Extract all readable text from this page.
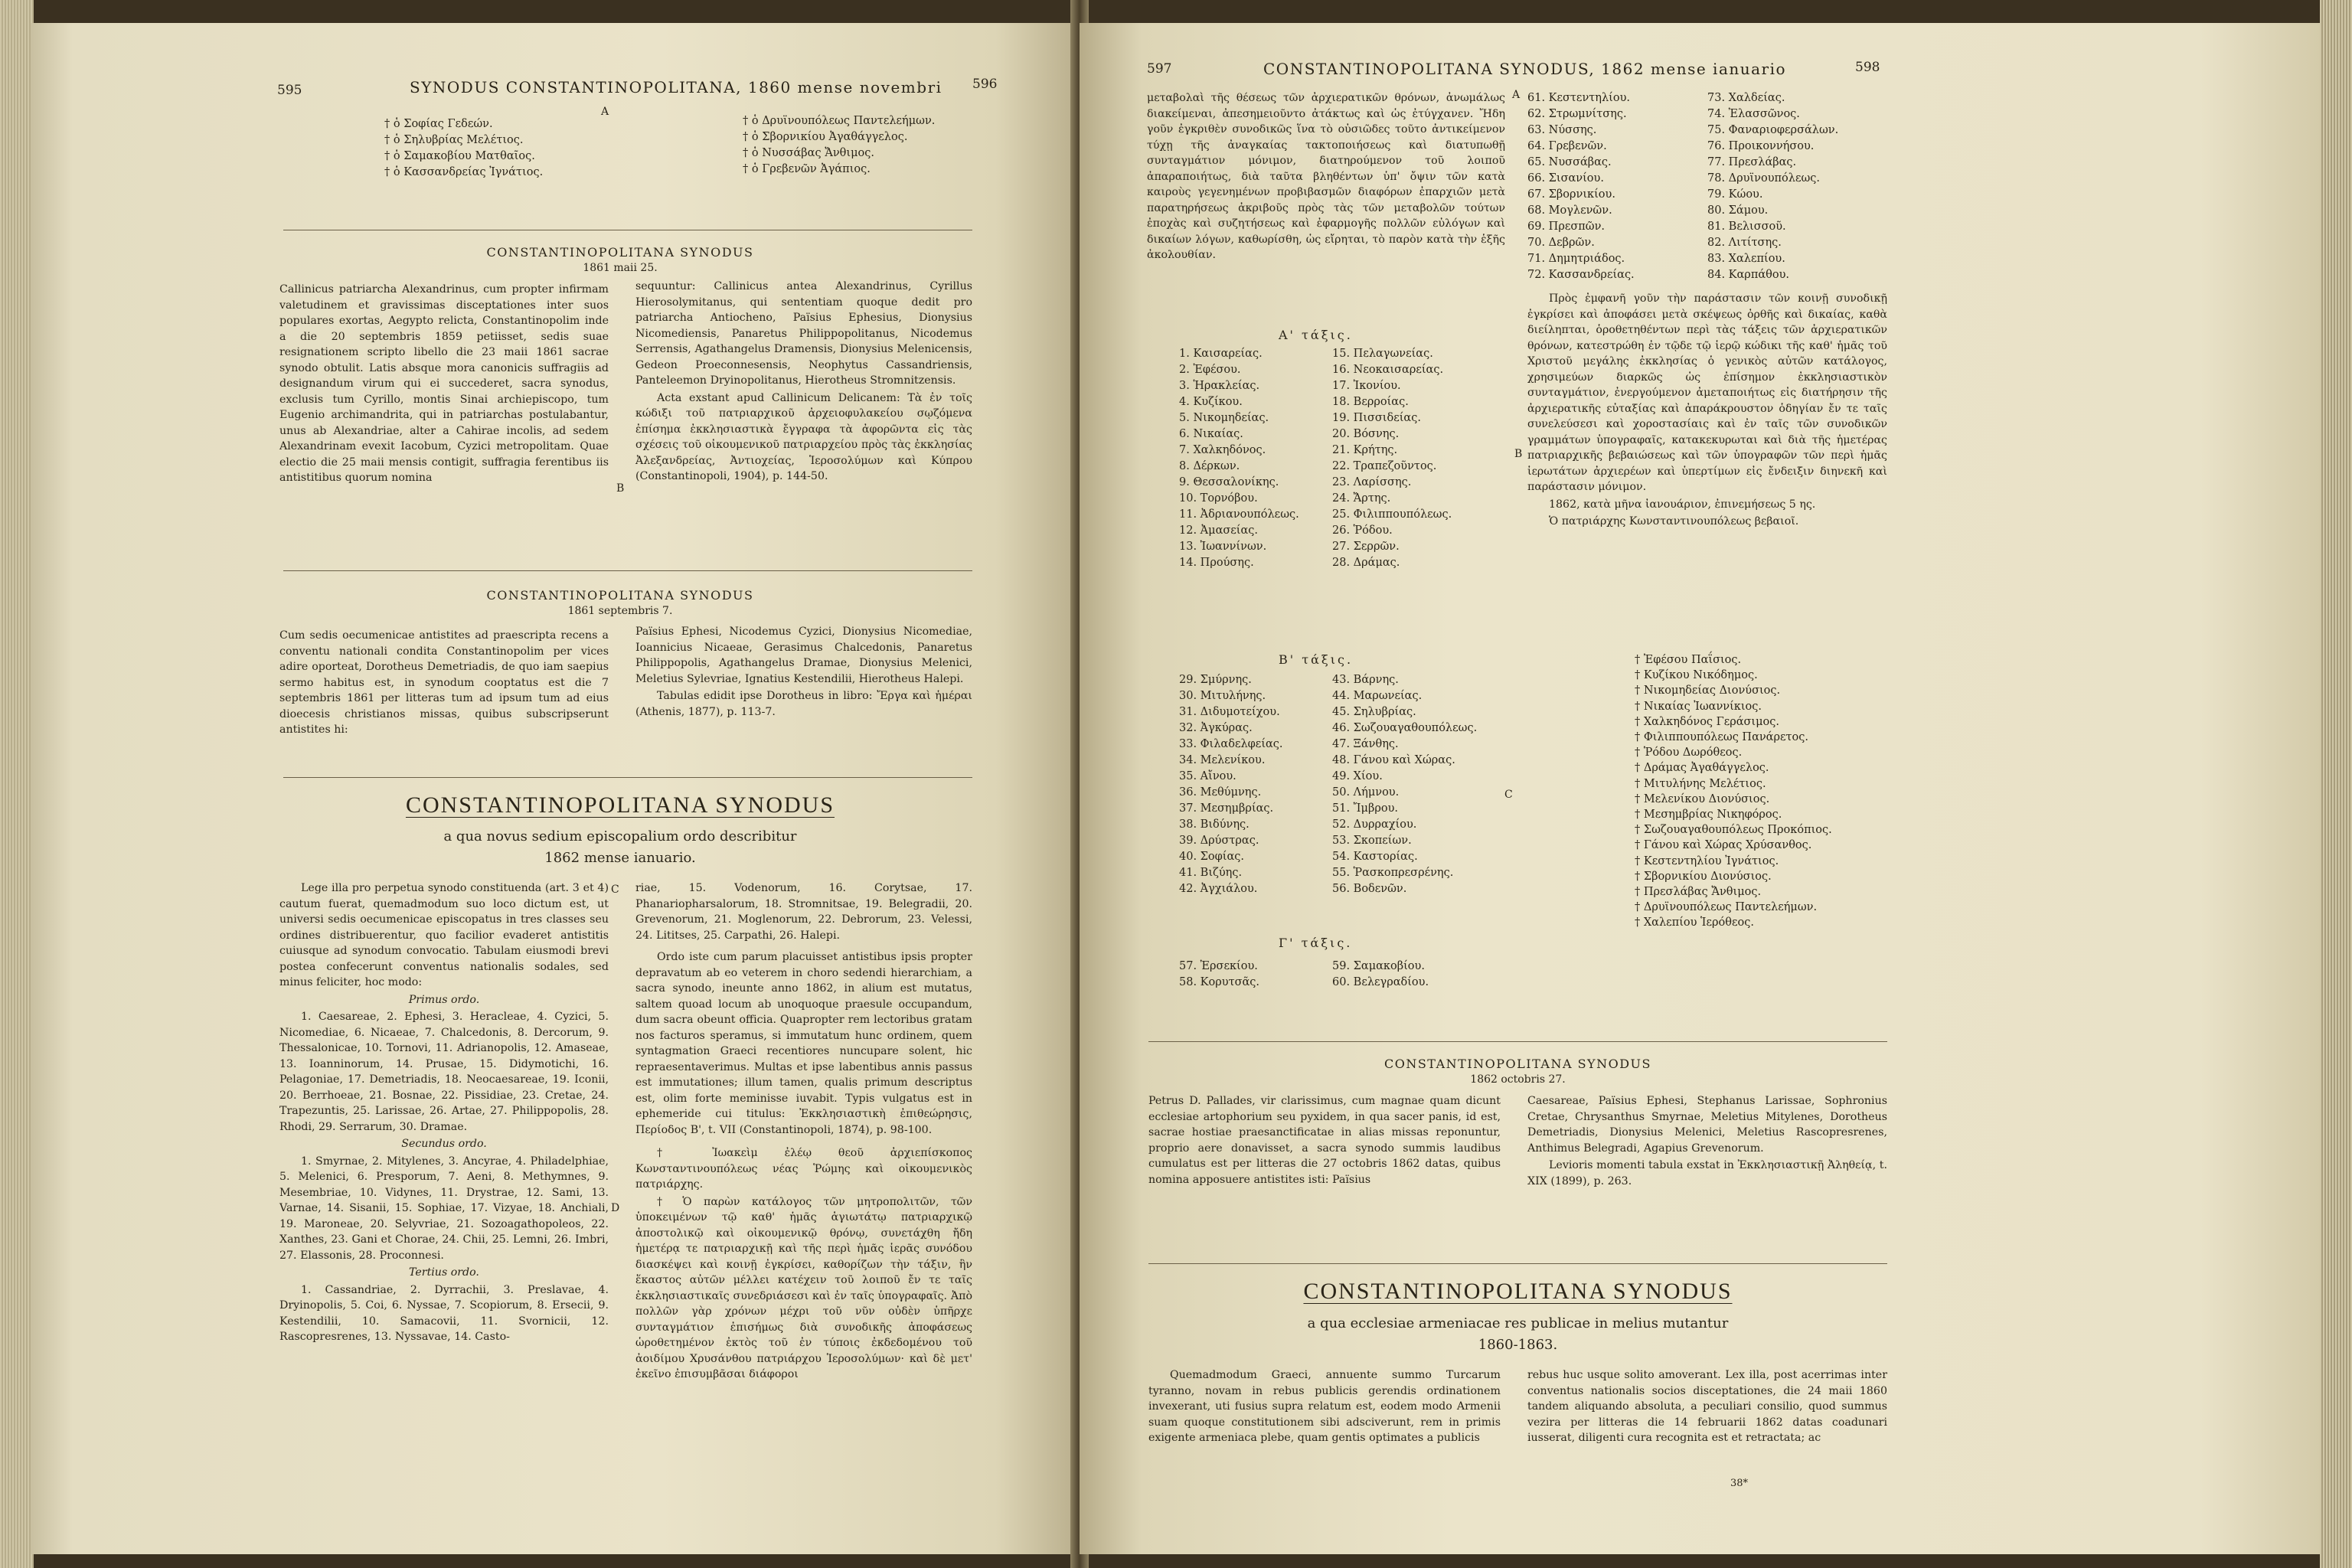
595	SYNODUS CONSTANTINOPOLITANA, 1860 mense novembri 596
A
† ὁ Σοφίας Γεδεών.
† ὁ Σηλυβρίας Μελέτιος.
† ὁ Σαμακοβίου Ματθαῖος.
† ὁ Κασσανδρείας Ἰγνάτιος.
† ὁ Δρυϊνουπόλεως Παντελεήμων.
† ὁ Σβορνικίου Ἀγαθάγγελος.
† ὁ Νυσσάβας Ἄνθιμος.
† ὁ Γρεβενῶν Ἀγάπιος.
CONSTANTINOPOLITANA SYNODUS
1861 maii 25.
Callinicus patriarcha Alexandrinus, cum propter infirmam valetudinem et gravissimas disceptationes inter suos populares exortas, Aegypto relicta, Constantinopolim inde a die 20 septembris 1859 petiisset, sedis suae resignationem scripto libello die 23 maii 1861 sacrae synodo obtulit. Latis absque mora canonicis suffragiis ad designandum virum qui ei succederet, sacra synodus, exclusis tum Cyrillo, montis Sinai archiepiscopo, tum Eugenio archimandrita, qui in patriarchas postulabantur, unus ab Alexandriae, alter a Cahirae incolis, ad sedem Alexandrinam evexit Iacobum, Cyzici metropolitam. Quae electio die 25 maii mensis contigit, suffragia ferentibus iis antistitibus quorum nomina

sequuntur: Callinicus antea Alexandrinus, Cyrillus Hierosolymitanus, qui sententiam quoque dedit pro patriarcha Antiocheno, Païsius Ephesius, Dionysius Nicomediensis, Panaretus Philippopolitanus, Nicodemus Serrensis, Agathangelus Dramensis, Dionysius Melenicensis, Gedeon Proeconnesensis, Neophytus Cassandriensis, Panteleemon Dryinopolitanus, Hierotheus Stromnitzensis.

Acta exstant apud Callinicum Delicanem: Τὰ ἐν τοῖς κώδιξι τοῦ πατριαρχικοῦ ἀρχειοφυλακείου σῳζόμενα ἐπίσημα ἐκκλησιαστικὰ ἔγγραφα τὰ ἀφορῶντα εἰς τὰς σχέσεις τοῦ οἰκουμενικοῦ πατριαρχείου πρὸς τὰς ἐκκλησίας Ἀλεξανδρείας, Ἀντιοχείας, Ἱεροσολύμων καὶ Κύπρου (Constantinopoli, 1904), p. 144-50.

B
CONSTANTINOPOLITANA SYNODUS
1861 septembris 7.
Cum sedis oecumenicae antistites ad praescripta recens a conventu nationali condita Constantinopolim per vices adire oporteat, Dorotheus Demetriadis, de quo iam saepius sermo habitus est, in synodum cooptatus est die 7 septembris 1861 per litteras tum ad ipsum tum ad eius dioecesis christianos missas, quibus subscripserunt antistites hi:

Païsius Ephesi, Nicodemus Cyzici, Dionysius Nicomediae, Ioannicius Nicaeae, Gerasimus Chalcedonis, Panaretus Philippopolis, Agathangelus Dramae, Dionysius Melenici, Meletius Sylevriae, Ignatius Kestendilii, Hierotheus Halepi.

Tabulas edidit ipse Dorotheus in libro: Ἔργα καὶ ἡμέραι (Athenis, 1877), p. 113-7.

CONSTANTINOPOLITANA SYNODUS
a qua novus sedium episcopalium ordo describitur
1862 mense ianuario.

Lege illa pro perpetua synodo constituenda (art. 3 et 4) cautum fuerat, quemadmodum suo loco dictum est, ut universi sedis oecumenicae episcopatus in tres classes seu ordines distribuerentur, quo facilior evaderet antistitis cuiusque ad synodum convocatio. Tabulam eiusmodi brevi postea confecerunt conventus nationalis sodales, sed minus feliciter, hoc modo:

Primus ordo.

1. Caesareae, 2. Ephesi, 3. Heracleae, 4. Cyzici, 5. Nicomediae, 6. Nicaeae, 7. Chalcedonis, 8. Dercorum, 9. Thessalonicae, 10. Tornovi, 11. Adrianopolis, 12. Amaseae, 13. Ioanninorum, 14. Prusae, 15. Didymotichi, 16. Pelagoniae, 17. Demetriadis, 18. Neocaesareae, 19. Iconii, 20. Berrhoeae, 21. Bosnae, 22. Pissidiae, 23. Cretae, 24. Trapezuntis, 25. Larissae, 26. Artae, 27. Philippopolis, 28. Rhodi, 29. Serrarum, 30. Dramae.

Secundus ordo.

1. Smyrnae, 2. Mitylenes, 3. Ancyrae, 4. Philadelphiae, 5. Melenici, 6. Presporum, 7. Aeni, 8. Methymnes, 9. Mesembriae, 10. Vidynes, 11. Drystrae, 12. Sami, 13. Varnae, 14. Sisanii, 15. Sophiae, 17. Vizyae, 18. Anchiali, 19. Maroneae, 20. Selyvriae, 21. Sozoagathopoleos, 22. Xanthes, 23. Gani et Chorae, 24. Chii, 25. Lemni, 26. Imbri, 27. Elassonis, 28. Proconnesi.

Tertius ordo.

1. Cassandriae, 2. Dyrrachii, 3. Preslavae, 4. Dryinopolis, 5. Coi, 6. Nyssae, 7. Scopiorum, 8. Ersecii, 9. Kestendilii, 10. Samacovii, 11. Svornicii, 12. Rascopresrenes, 13. Nyssavae, 14. Casto-

C
D

riae, 15. Vodenorum, 16. Corytsae, 17. Phanariopharsalorum, 18. Stromnitsae, 19. Belegradii, 20. Grevenorum, 21. Moglenorum, 22. Debrorum, 23. Velessi, 24. Lititses, 25. Carpathi, 26. Halepi.

Ordo iste cum parum placuisset antistibus ipsis propter depravatum ab eo veterem in choro sedendi hierarchiam, a sacra synodo, ineunte anno 1862, in alium est mutatus, saltem quoad locum ab unoquoque praesule occupandum, dum sacra obeunt officia. Quapropter rem lectoribus gratam nos facturos speramus, si immutatum hunc ordinem, quem syntagmation Graeci recentiores nuncupare solent, hic repraesentaverimus. Multas et ipse labentibus annis passus est immutationes; illum tamen, qualis primum descriptus est, olim forte meminisse iuvabit. Typis vulgatus est in ephemeride cui titulus: Ἐκκλησιαστικὴ ἐπιθεώρησις, Περίοδος Β', t. VII (Constantinopoli, 1874), p. 98-100.

† Ἰωακεὶμ ἐλέῳ θεοῦ ἀρχιεπίσκοπος Κωνσταντινουπόλεως νέας Ῥώμης καὶ οἰκουμενικὸς πατριάρχης.

† Ὁ παρὼν κατάλογος τῶν μητροπολιτῶν, τῶν ὑποκειμένων τῷ καθ' ἡμᾶς ἁγιωτάτῳ πατριαρχικῷ ἀποστολικῷ καὶ οἰκουμενικῷ θρόνῳ, συνετάχθη ἤδη ἡμετέρᾳ τε πατριαρχικῇ καὶ τῆς περὶ ἡμᾶς ἱερᾶς συνόδου διασκέψει καὶ κοινῇ ἐγκρίσει, καθορίζων τὴν τάξιν, ἣν ἕκαστος αὐτῶν μέλλει κατέχειν τοῦ λοιποῦ ἔν τε ταῖς ἐκκλησιαστικαῖς συνεδριάσεσι καὶ ἐν ταῖς ὑπογραφαῖς. Ἀπὸ πολλῶν γὰρ χρόνων μέχρι τοῦ νῦν οὐδὲν ὑπῆρχε συνταγμάτιον ἐπισήμως διὰ συνοδικῆς ἀποφάσεως ὡροθετημένον ἐκτὸς τοῦ ἐν τύποις ἐκδεδομένου τοῦ ἀοιδίμου Χρυσάνθου πατριάρχου Ἱεροσολύμων· καὶ δὲ μετ' ἐκεῖνο ἐπισυμβᾶσαι διάφοροι

597	CONSTANTINOPOLITANA SYNODUS, 1862 mense ianuario	598
A
B
C
μεταβολαὶ τῆς θέσεως τῶν ἀρχιερατικῶν θρόνων, ἀνωμάλως διακείμεναι, ἀπεσημειοῦντο ἀτάκτως καὶ ὡς ἐτύγχανεν. Ἤδη γοῦν ἐγκριθὲν συνοδικῶς ἵνα τὸ οὐσιῶδες τοῦτο ἀντικείμενον τύχῃ τῆς ἀναγκαίας τακτοποιήσεως καὶ διατυπωθῇ συνταγμάτιον μόνιμον, διατηρούμενον τοῦ λοιποῦ ἀπαραποιήτως, διὰ ταῦτα βληθέντων ὑπ' ὄψιν τῶν κατὰ καιροὺς γεγενημένων προβιβασμῶν διαφόρων ἐπαρχιῶν μετὰ παρατηρήσεως ἀκριβοῦς πρὸς τὰς τῶν μεταβολῶν τούτων ἐποχὰς καὶ συζητήσεως καὶ ἐφαρμογῆς πολλῶν εὐλόγων καὶ δικαίων λόγων, καθωρίσθη, ὡς εἴρηται, τὸ παρὸν κατὰ τὴν ἑξῆς ἀκολουθίαν.
Α' τάξις.
1. Καισαρείας.
2. Ἐφέσου.
3. Ἡρακλείας.
4. Κυζίκου.
5. Νικομηδείας.
6. Νικαίας.
7. Χαλκηδόνος.
8. Δέρκων.
9. Θεσσαλονίκης.
10. Τορνόβου.
11. Ἀδριανουπόλεως.
12. Ἀμασείας.
13. Ἰωαννίνων.
14. Προύσης.
15. Πελαγωνείας.
16. Νεοκαισαρείας.
17. Ἰκονίου.
18. Βερροίας.
19. Πισσιδείας.
20. Βόσνης.
21. Κρήτης.
22. Τραπεζοῦντος.
23. Λαρίσσης.
24. Ἄρτης.
25. Φιλιππουπόλεως.
26. Ῥόδου.
27. Σερρῶν.
28. Δράμας.
Β' τάξις.
29. Σμύρνης.
30. Μιτυλήνης.
31. Διδυμοτείχου.
32. Ἀγκύρας.
33. Φιλαδελφείας.
34. Μελενίκου.
35. Αἴνου.
36. Μεθύμνης.
37. Μεσημβρίας.
38. Βιδύνης.
39. Δρύστρας.
40. Σοφίας.
41. Βιζύης.
42. Ἀγχιάλου.
43. Βάρνης.
44. Μαρωνείας.
45. Σηλυβρίας.
46. Σωζουαγαθουπόλεως.
47. Ξάνθης.
48. Γάνου καὶ Χώρας.
49. Χίου.
50. Λήμνου.
51. Ἴμβρου.
52. Δυρραχίου.
53. Σκοπείων.
54. Καστορίας.
55. Ῥασκοπρεσρένης.
56. Βοδενῶν.
Γ' τάξις.
57. Ἐρσεκίου.
58. Κορυτσᾶς.
59. Σαμακοβίου.
60. Βελεγραδίου.
61. Κεστεντηλίου.
62. Στρωμνίτσης.
63. Νύσσης.
64. Γρεβενῶν.
65. Νυσσάβας.
66. Σισανίου.
67. Σβορνικίου.
68. Μογλενῶν.
69. Πρεσπῶν.
70. Δεβρῶν.
71. Δημητριάδος.
72. Κασσανδρείας.
73. Χαλδείας.
74. Ἐλασσῶνος.
75. Φαναριοφερσάλων.
76. Προικοννήσου.
77. Πρεσλάβας.
78. Δρυϊνουπόλεως.
79. Κώου.
80. Σάμου.
81. Βελισσοῦ.
82. Λιτίτσης.
83. Χαλεπίου.
84. Καρπάθου.

Πρὸς ἐμφανῆ γοῦν τὴν παράστασιν τῶν κοινῇ συνοδικῇ ἐγκρίσει καὶ ἀποφάσει μετὰ σκέψεως ὀρθῆς καὶ δικαίας, καθὰ διείληπται, ὁροθετηθέντων περὶ τὰς τάξεις τῶν ἀρχιερατικῶν θρόνων, κατεστρώθη ἐν τῷδε τῷ ἱερῷ κώδικι τῆς καθ' ἡμᾶς τοῦ Χριστοῦ μεγάλης ἐκκλησίας ὁ γενικὸς αὐτῶν κατάλογος, χρησιμεύων διαρκῶς ὡς ἐπίσημον ἐκκλησιαστικὸν συνταγμάτιον, ἐνεργούμενον ἀμεταποιήτως εἰς διατήρησιν τῆς ἀρχιερατικῆς εὐταξίας καὶ ἀπαράκρουστον ὁδηγίαν ἔν τε ταῖς συνελεύσεσι καὶ χοροστασίαις καὶ ἐν ταῖς τῶν συνοδικῶν γραμμάτων ὑπογραφαῖς, κατακεκυρωται καὶ διὰ τῆς ἡμετέρας πατριαρχικῆς βεβαιώσεως καὶ τῶν ὑπογραφῶν τῶν περὶ ἡμᾶς ἱερωτάτων ἀρχιερέων καὶ ὑπερτίμων εἰς ἔνδειξιν διηνεκῆ καὶ παράστασιν μόνιμον.

1862, κατὰ μῆνα ἰανουάριον, ἐπινεμήσεως 5 ης.

Ὁ πατριάρχης Κωνσταντινουπόλεως βεβαιοῖ.

† Ἐφέσου Παΐσιος.
† Κυζίκου Νικόδημος.
† Νικομηδείας Διονύσιος.
† Νικαίας Ἰωαννίκιος.
† Χαλκηδόνος Γεράσιμος.
† Φιλιππουπόλεως Πανάρετος.
† Ῥόδου Δωρόθεος.
† Δράμας Ἀγαθάγγελος.
† Μιτυλήνης Μελέτιος.
† Μελενίκου Διονύσιος.
† Μεσημβρίας Νικηφόρος.
† Σωζουαγαθουπόλεως Προκόπιος.
† Γάνου καὶ Χώρας Χρύσανθος.
† Κεστεντηλίου Ἰγνάτιος.
† Σβορνικίου Διονύσιος.
† Πρεσλάβας Ἄνθιμος.
† Δρυϊνουπόλεως Παντελεήμων.
† Χαλεπίου Ἱερόθεος.
CONSTANTINOPOLITANA SYNODUS
1862 octobris 27.
Petrus D. Pallades, vir clarissimus, cum magnae quam dicunt ecclesiae artophorium seu pyxidem, in qua sacer panis, id est, sacrae hostiae praesanctificatae in alias missas reponuntur, proprio aere donavisset, a sacra synodo summis laudibus cumulatus est per litteras die 27 octobris 1862 datas, quibus nomina apposuere antistites isti: Païsius

Caesareae, Païsius Ephesi, Stephanus Larissae, Sophronius Cretae, Chrysanthus Smyrnae, Meletius Mitylenes, Dorotheus Demetriadis, Dionysius Melenici, Meletius Rascopresrenes, Anthimus Belegradi, Agapius Grevenorum.

Levioris momenti tabula exstat in Ἐκκλησιαστικῇ Ἀληθείᾳ, t. XIX (1899), p. 263.

CONSTANTINOPOLITANA SYNODUS
a qua ecclesiae armeniacae res publicae in melius mutantur
1860-1863.
Quemadmodum Graeci, annuente summo Turcarum tyranno, novam in rebus publicis gerendis ordinationem invexerant, uti fusius supra relatum est, eodem modo Armenii suam quoque constitutionem sibi adsciverunt, rem in primis exigente armeniaca plebe, quam gentis optimates a publicis
rebus huc usque solito amoverant. Lex illa, post acerrimas inter conventus nationalis socios disceptationes, die 24 maii 1860 tandem aliquando absoluta, a peculiari consilio, quod summus vezira per litteras die 14 februarii 1862 datas coadunari iusserat, diligenti cura recognita est et retractata; ac
38*
